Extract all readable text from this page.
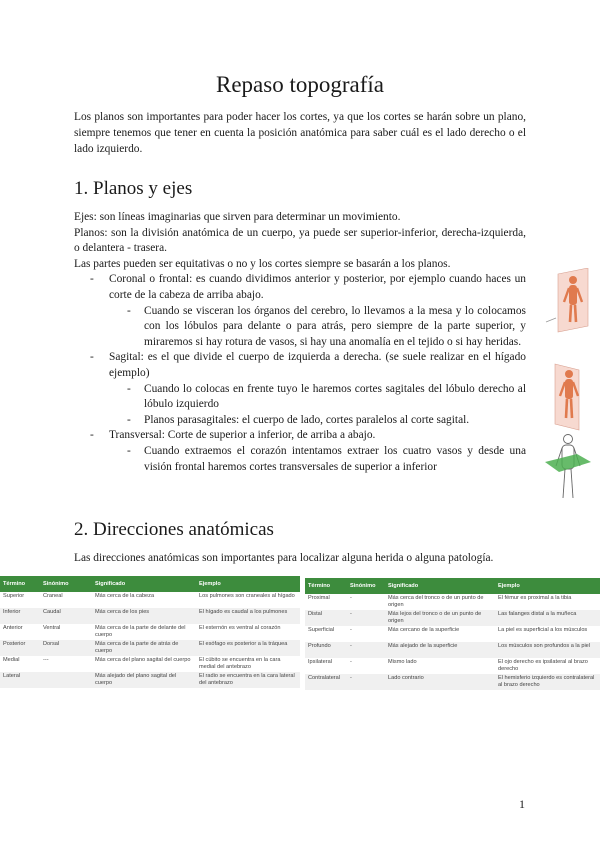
Repaso topografía

Los planos son importantes para poder hacer los cortes, ya que los cortes se harán sobre un plano, siempre tenemos que tener en cuenta la posición anatómica para saber cuál es el lado derecho o el lado izquierdo.

1. Planos y ejes

Ejes: son líneas imaginarias que sirven para determinar un movimiento.

Planos: son la división anatómica de un cuerpo, ya puede ser superior-inferior, derecha-izquierda, o delantera - trasera.

Las partes pueden ser equitativas o no y los cortes siempre se basarán a los planos.

- Coronal o frontal: es cuando dividimos anterior y posterior, por ejemplo cuando haces un corte de la cabeza de arriba abajo.
- Cuando se visceran los órganos del cerebro, lo llevamos a la mesa y lo colocamos con los lóbulos para delante o para atrás, pero siempre de la parte superior, y miraremos si hay rotura de vasos, si hay una anomalía en el tejido o si hay heridas.
- Sagital: es el que divide el cuerpo de izquierda a derecha. (se suele realizar en el hígado ejemplo)
- Cuando lo colocas en frente tuyo le haremos cortes sagitales del lóbulo derecho al lóbulo izquierdo
- Planos parasagitales: el cuerpo de lado, cortes paralelos al corte sagital.
- Transversal: Corte de superior a inferior, de arriba a abajo.
- Cuando extraemos el corazón intentamos extraer los cuatro vasos y desde una visión frontal haremos cortes transversales de superior a inferior
2. Direcciones anatómicas

Las direcciones anatómicas son importantes para localizar alguna herida o alguna patología.

Término	Sinónimo	Significado	Ejemplo
Superior	Craneal	Más cerca de la cabeza	Los pulmones son craneales al hígado
Inferior	Caudal	Más cerca de los pies	El hígado es caudal a los pulmones
Anterior	Ventral	Más cerca de la parte de delante del cuerpo	El esternón es ventral al corazón
Posterior	Dorsal	Más cerca de la parte de atrás de cuerpo	El esófago es posterior a la tráquea
Medial	---	Más cerca del plano sagital del cuerpo	El cúbito se encuentra en la cara medial del antebrazo
Lateral		Más alejado del plano sagital del cuerpo	El radio se encuentra en la cara lateral del antebrazo
Término	Sinónimo	Significado	Ejemplo
Proximal	-	Más cerca del tronco o de un punto de origen	El fémur es proximal a la tibia
Distal	-	Más lejos del tronco o de un punto de origen	Las falanges distal a la muñeca
Superficial	-	Más cercano de la superficie	La piel es superficial a los músculos
Profundo	-	Más alejado de la superficie	Los músculos son profundos a la piel
Ipsilateral	-	Mismo lado	El ojo derecho es ipsilateral al brazo derecho
Contralateral	-	Lado contrario	El hemisferio izquierdo es contralateral al brazo derecho
1
